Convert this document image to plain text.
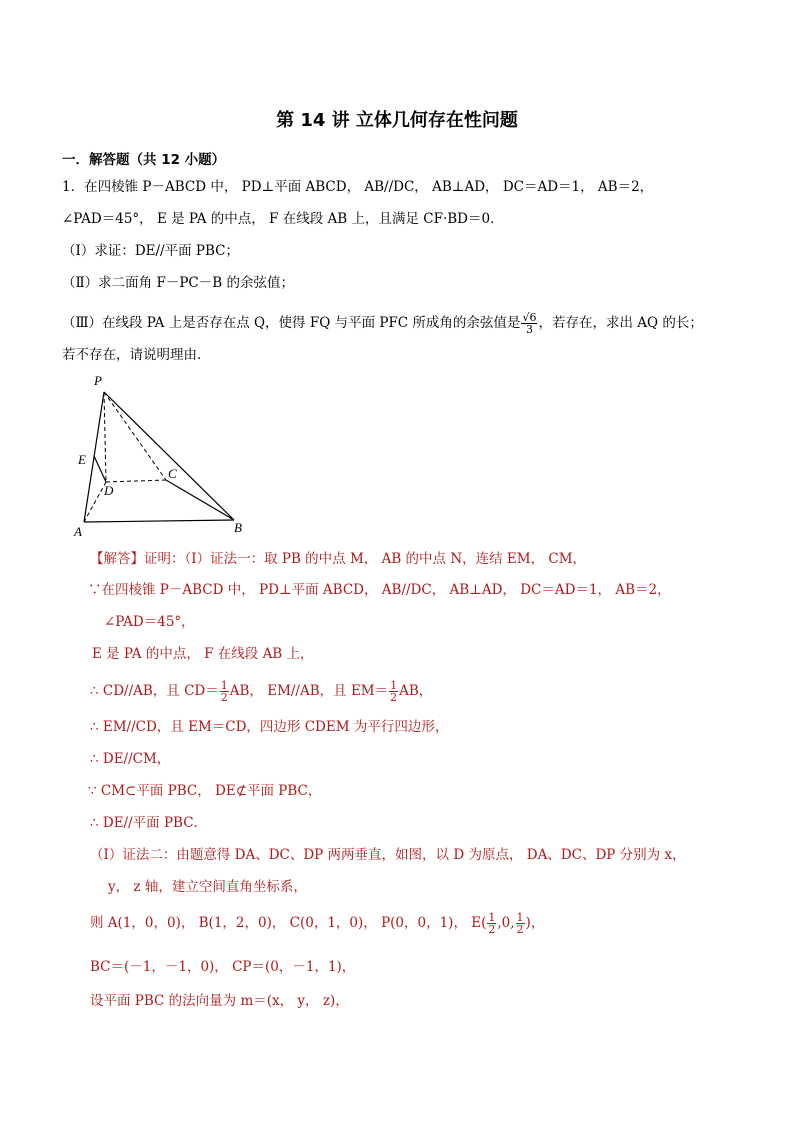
第 14 讲 立体几何存在性问题
一．解答题（共 12 小题）
1．在四棱锥 P－ABCD 中， PD⊥平面 ABCD， AB//DC， AB⊥AD， DC＝AD＝1， AB＝2，
∠PAD＝45°， E 是 PA 的中点， F 在线段 AB 上，且满足 CF·BD＝0．
（Ⅰ）求证：DE//平面 PBC；
（Ⅱ）求二面角 F－PC－B 的余弦值；
（Ⅲ）在线段 PA 上是否存在点 Q，使得 FQ 与平面 PFC 所成角的余弦值是 $\frac{√6}{3}$ ，若存在，求出 AQ 的长；
若不存在，请说明理由．
P
E
D
C
A	B
【解答】证明：（Ⅰ）证法一：取 PB 的中点 M， AB 的中点 N，连结 EM， CM，
∵在四棱锥 P－ABCD 中， PD⊥平面 ABCD， AB//DC， AB⊥AD， DC＝AD＝1， AB＝2，
∠PAD＝45°，
E 是 PA 的中点， F 在线段 AB 上，
∴ CD//AB，且 $CD= \frac{1}{2}$ AB， EM//AB，且 $EM= \frac{1}{2}$ AB，
∴ EM//CD，且 EM＝CD，四边形 CDEM 为平行四边形，
∴ DE//CM，
∵ CM⊂平面 PBC， DE⊄平面 PBC，
∴ DE//平面 PBC．
（Ⅰ）证法二：由题意得 DA、DC、DP 两两垂直，如图，以 D 为原点， DA、DC、DP 分别为 x，
y， z 轴，建立空间直角坐标系，
则 A(1，0，0)， B(1，2，0)， C(0，1，0)， P(0，0，1)， $E( \frac{1}{2} ,0$, $\frac{1}{2}$ )，
BC＝(－1，－1，0)， CP＝(0，－1，1)，
设平面 PBC 的法向量为 m＝(x， y， z)，
